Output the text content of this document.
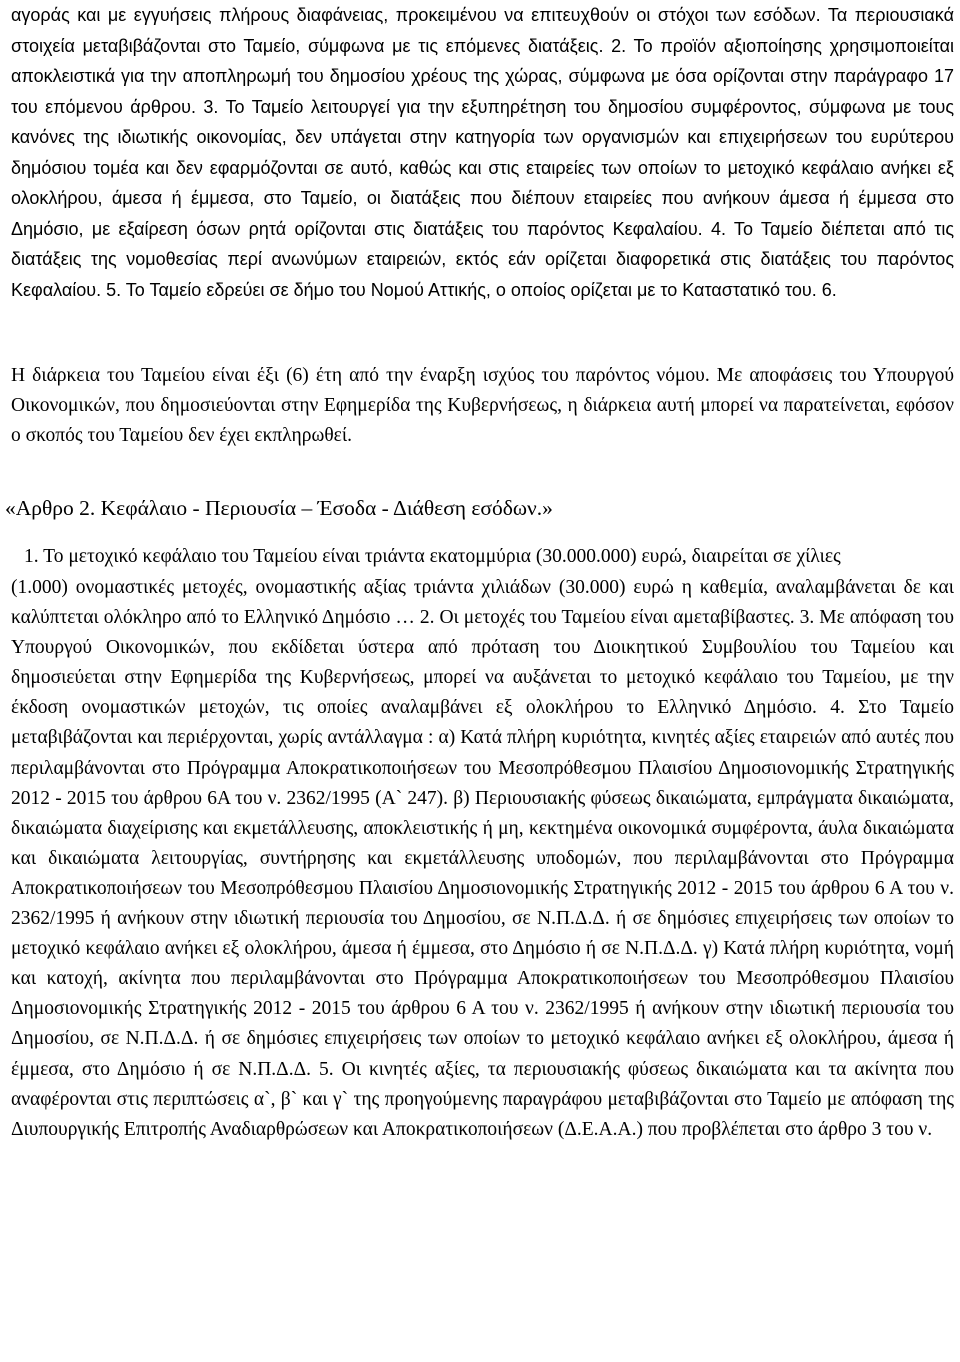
αγοράς και με εγγυήσεις πλήρους διαφάνειας, προκειμένου να επιτευχθούν οι στόχοι των εσόδων. Τα περιουσιακά στοιχεία μεταβιβάζονται στο Ταμείο, σύμφωνα με τις επόμενες διατάξεις. 2. Το προϊόν αξιοποίησης χρησιμοποιείται αποκλειστικά για την αποπληρωμή του δημοσίου χρέους της χώρας, σύμφωνα με όσα ορίζονται στην παράγραφο 17 του επόμενου άρθρου. 3. Το Ταμείο λειτουργεί για την εξυπηρέτηση του δημοσίου συμφέροντος, σύμφωνα με τους κανόνες της ιδιωτικής οικονομίας, δεν υπάγεται στην κατηγορία των οργανισμών και επιχειρήσεων του ευρύτερου δημόσιου τομέα και δεν εφαρμόζονται σε αυτό, καθώς και στις εταιρείες των οποίων το μετοχικό κεφάλαιο ανήκει εξ ολοκλήρου, άμεσα ή έμμεσα, στο Ταμείο, οι διατάξεις που διέπουν εταιρείες που ανήκουν άμεσα ή έμμεσα στο Δημόσιο, με εξαίρεση όσων ρητά ορίζονται στις διατάξεις του παρόντος Κεφαλαίου. 4. Το Ταμείο διέπεται από τις διατάξεις της νομοθεσίας περί ανωνύμων εταιρειών, εκτός εάν ορίζεται διαφορετικά στις διατάξεις του παρόντος Κεφαλαίου. 5. Το Ταμείο εδρεύει σε δήμο του Νομού Αττικής, ο οποίος ορίζεται με το Καταστατικό του. 6.
Η διάρκεια του Ταμείου είναι έξι (6) έτη από την έναρξη ισχύος του παρόντος νόμου. Με αποφάσεις του Υπουργού Οικονομικών, που δημοσιεύονται στην Εφημερίδα της Κυβερνήσεως, η διάρκεια αυτή μπορεί να παρατείνεται, εφόσον ο σκοπός του Ταμείου δεν έχει εκπληρωθεί.
«Αρθρο 2. Κεφάλαιο - Περιουσία – Έσοδα - Διάθεση εσόδων.»
1. Το μετοχικό κεφάλαιο του Ταμείου είναι τριάντα εκατομμύρια (30.000.000) ευρώ, διαιρείται σε χίλιες
(1.000) ονομαστικές μετοχές, ονομαστικής αξίας τριάντα χιλιάδων (30.000) ευρώ η καθεμία, αναλαμβάνεται δε και καλύπτεται ολόκληρο από το Ελληνικό Δημόσιο … 2. Οι μετοχές του Ταμείου είναι αμεταβίβαστες. 3. Με απόφαση του Υπουργού Οικονομικών, που εκδίδεται ύστερα από πρόταση του Διοικητικού Συμβουλίου του Ταμείου και δημοσιεύεται στην Εφημερίδα της Κυβερνήσεως, μπορεί να αυξάνεται το μετοχικό κεφάλαιο του Ταμείου, με την έκδοση ονομαστικών μετοχών, τις οποίες αναλαμβάνει εξ ολοκλήρου το Ελληνικό Δημόσιο. 4. Στο Ταμείο μεταβιβάζονται και περιέρχονται, χωρίς αντάλλαγμα : α) Κατά πλήρη κυριότητα, κινητές αξίες εταιρειών από αυτές που περιλαμβάνονται στο Πρόγραμμα Αποκρατικοποιήσεων του Μεσοπρόθεσμου Πλαισίου Δημοσιονομικής Στρατηγικής 2012 - 2015 του άρθρου 6Α του ν. 2362/1995 (Α` 247). β) Περιουσιακής φύσεως δικαιώματα, εμπράγματα δικαιώματα, δικαιώματα διαχείρισης και εκμετάλλευσης, αποκλειστικής ή μη, κεκτημένα οικονομικά συμφέροντα, άυλα δικαιώματα και δικαιώματα λειτουργίας, συντήρησης και εκμετάλλευσης υποδομών, που περιλαμβάνονται στο Πρόγραμμα Αποκρατικοποιήσεων του Μεσοπρόθεσμου Πλαισίου Δημοσιονομικής Στρατηγικής 2012 - 2015 του άρθρου 6 Α του ν. 2362/1995 ή ανήκουν στην ιδιωτική περιουσία του Δημοσίου, σε Ν.Π.Δ.Δ. ή σε δημόσιες επιχειρήσεις των οποίων το μετοχικό κεφάλαιο ανήκει εξ ολοκλήρου, άμεσα ή έμμεσα, στο Δημόσιο ή σε Ν.Π.Δ.Δ. γ) Κατά πλήρη κυριότητα, νομή και κατοχή, ακίνητα που περιλαμβάνονται στο Πρόγραμμα Αποκρατικοποιήσεων του Μεσοπρόθεσμου Πλαισίου Δημοσιονομικής Στρατηγικής 2012 - 2015 του άρθρου 6 Α του ν. 2362/1995 ή ανήκουν στην ιδιωτική περιουσία του Δημοσίου, σε Ν.Π.Δ.Δ. ή σε δημόσιες επιχειρήσεις των οποίων το μετοχικό κεφάλαιο ανήκει εξ ολοκλήρου, άμεσα ή έμμεσα, στο Δημόσιο ή σε Ν.Π.Δ.Δ. 5. Οι κινητές αξίες, τα περιουσιακής φύσεως δικαιώματα και τα ακίνητα που αναφέρονται στις περιπτώσεις α`, β` και γ` της προηγούμενης παραγράφου μεταβιβάζονται στο Ταμείο με απόφαση της Διυπουργικής Επιτροπής Αναδιαρθρώσεων και Αποκρατικοποιήσεων (Δ.Ε.Α.Α.) που προβλέπεται στο άρθρο 3 του ν.
